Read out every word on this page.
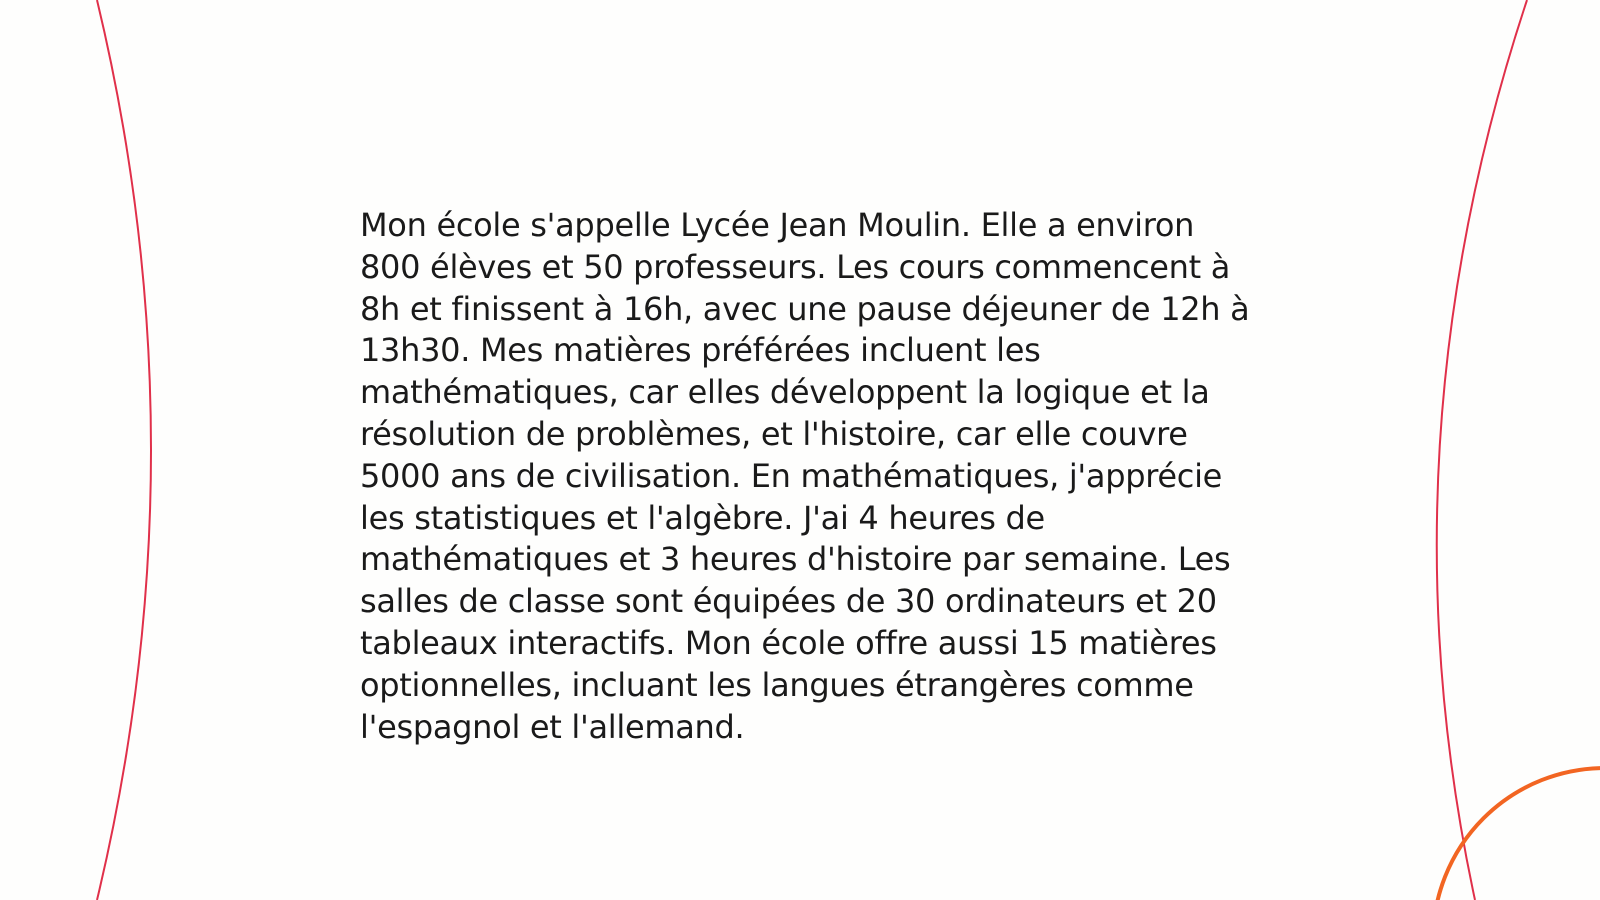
Mon école s'appelle Lycée Jean Moulin. Elle a environ 800 élèves et 50 professeurs. Les cours commencent à 8h et finissent à 16h, avec une pause déjeuner de 12h à 13h30. Mes matières préférées incluent les mathématiques, car elles développent la logique et la résolution de problèmes, et l'histoire, car elle couvre 5000 ans de civilisation. En mathématiques, j'apprécie les statistiques et l'algèbre. J'ai 4 heures de mathématiques et 3 heures d'histoire par semaine. Les salles de classe sont équipées de 30 ordinateurs et 20 tableaux interactifs. Mon école offre aussi 15 matières optionnelles, incluant les langues étrangères comme l'espagnol et l'allemand.
